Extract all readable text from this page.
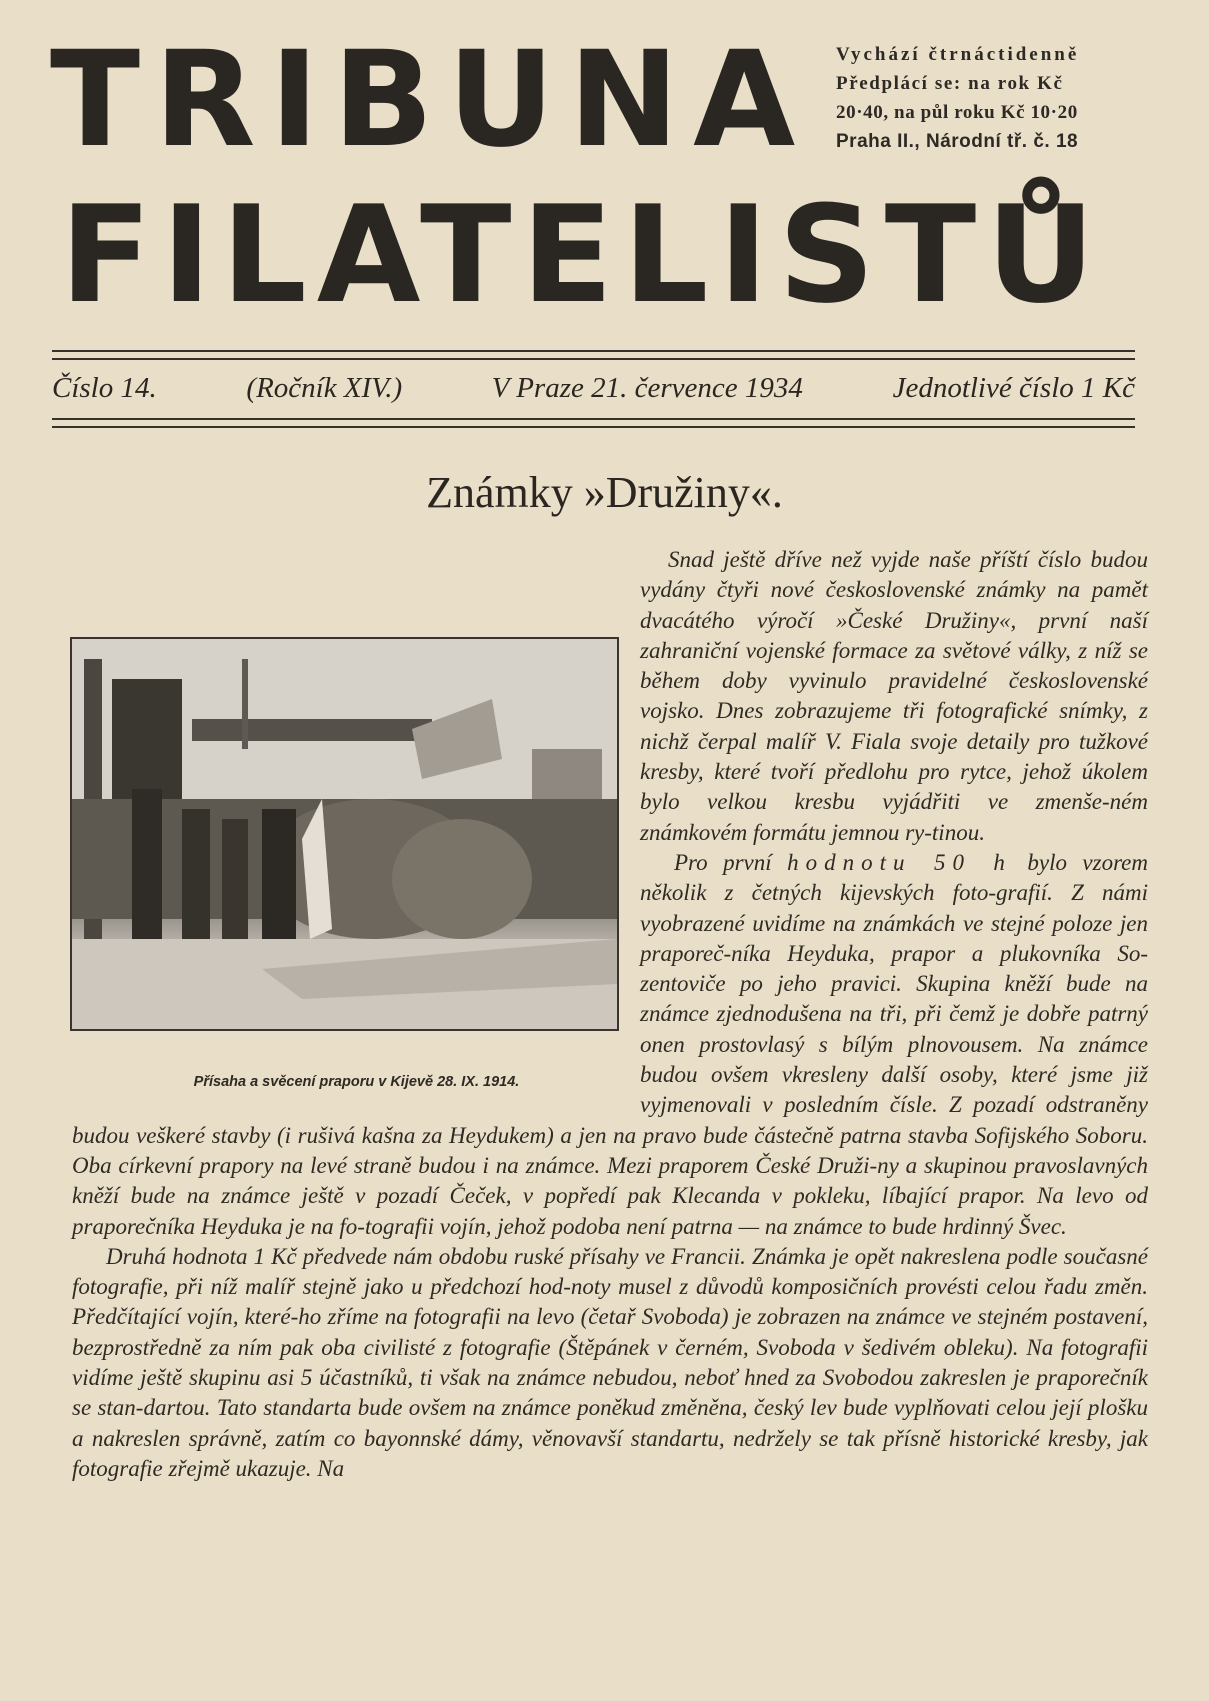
TRIBUNA
FILATELISTŮ
Vychází čtrnáctidenně
Předplácí se: na rok Kč
20·40, na půl roku Kč 10·20
Praha II., Národní tř. č. 18
Číslo 14.	(Ročník XIV.)	V Praze 21. července 1934	Jednotlivé číslo 1 Kč
Známky »Družiny«.

Přísaha a svěcení praporu v Kijevě 28. IX. 1914.
Snad ještě dříve než vyjde naše příští číslo budou vydány čtyři nové československé známky na pamět dvacátého výročí »České Družiny«, první naší zahraniční vojenské formace za světové války, z níž se během doby vyvinulo pravidelné československé vojsko. Dnes zobrazujeme tři fotografické snímky, z nichž čerpal malíř V. Fiala svoje detaily pro tužkové kresby, které tvoří předlohu pro rytce, jehož úkolem bylo velkou kresbu vyjádřiti ve zmenše-ném známkovém formátu jemnou ry-tinou.

Pro první hodnotu 50 h bylo vzorem několik z četných kijevských foto-grafií. Z námi vyobrazené uvidíme na známkách ve stejné poloze jen praporeč-níka Heyduka, prapor a plukovníka So-zentoviče po jeho pravici. Skupina kněží bude na známce zjednodušena na tři, při čemž je dobře patrný onen prostovlasý s bílým plnovousem. Na známce budou ovšem vkresleny další osoby, které jsme již vyjmenovali v posledním čísle. Z pozadí odstraněny budou veškeré stavby (i rušivá kašna za Heydukem) a jen na pravo bude částečně patrna stavba Sofijského Soboru. Oba církevní prapory na levé straně budou i na známce. Mezi praporem České Druži-ny a skupinou pravoslavných kněží bude na známce ještě v pozadí Čeček, v popředí pak Klecanda v pokleku, líbající prapor. Na levo od praporečníka Heyduka je na fo-tografii vojín, jehož podoba není patrna — na známce to bude hrdinný Švec.

Druhá hodnota 1 Kč předvede nám obdobu ruské přísahy ve Francii. Známka je opět nakreslena podle současné fotografie, při níž malíř stejně jako u předchozí hod-noty musel z důvodů komposičních provésti celou řadu změn. Předčítající vojín, které-ho zříme na fotografii na levo (četař Svoboda) je zobrazen na známce ve stejném postavení, bezprostředně za ním pak oba civilisté z fotografie (Štěpánek v černém, Svoboda v šedivém obleku). Na fotografii vidíme ještě skupinu asi 5 účastníků, ti však na známce nebudou, neboť hned za Svobodou zakreslen je praporečník se stan-dartou. Tato standarta bude ovšem na známce poněkud změněna, český lev bude vyplňovati celou její plošku a nakreslen správně, zatím co bayonnské dámy, věnovavší standartu, nedržely se tak přísně historické kresby, jak fotografie zřejmě ukazuje. Na
